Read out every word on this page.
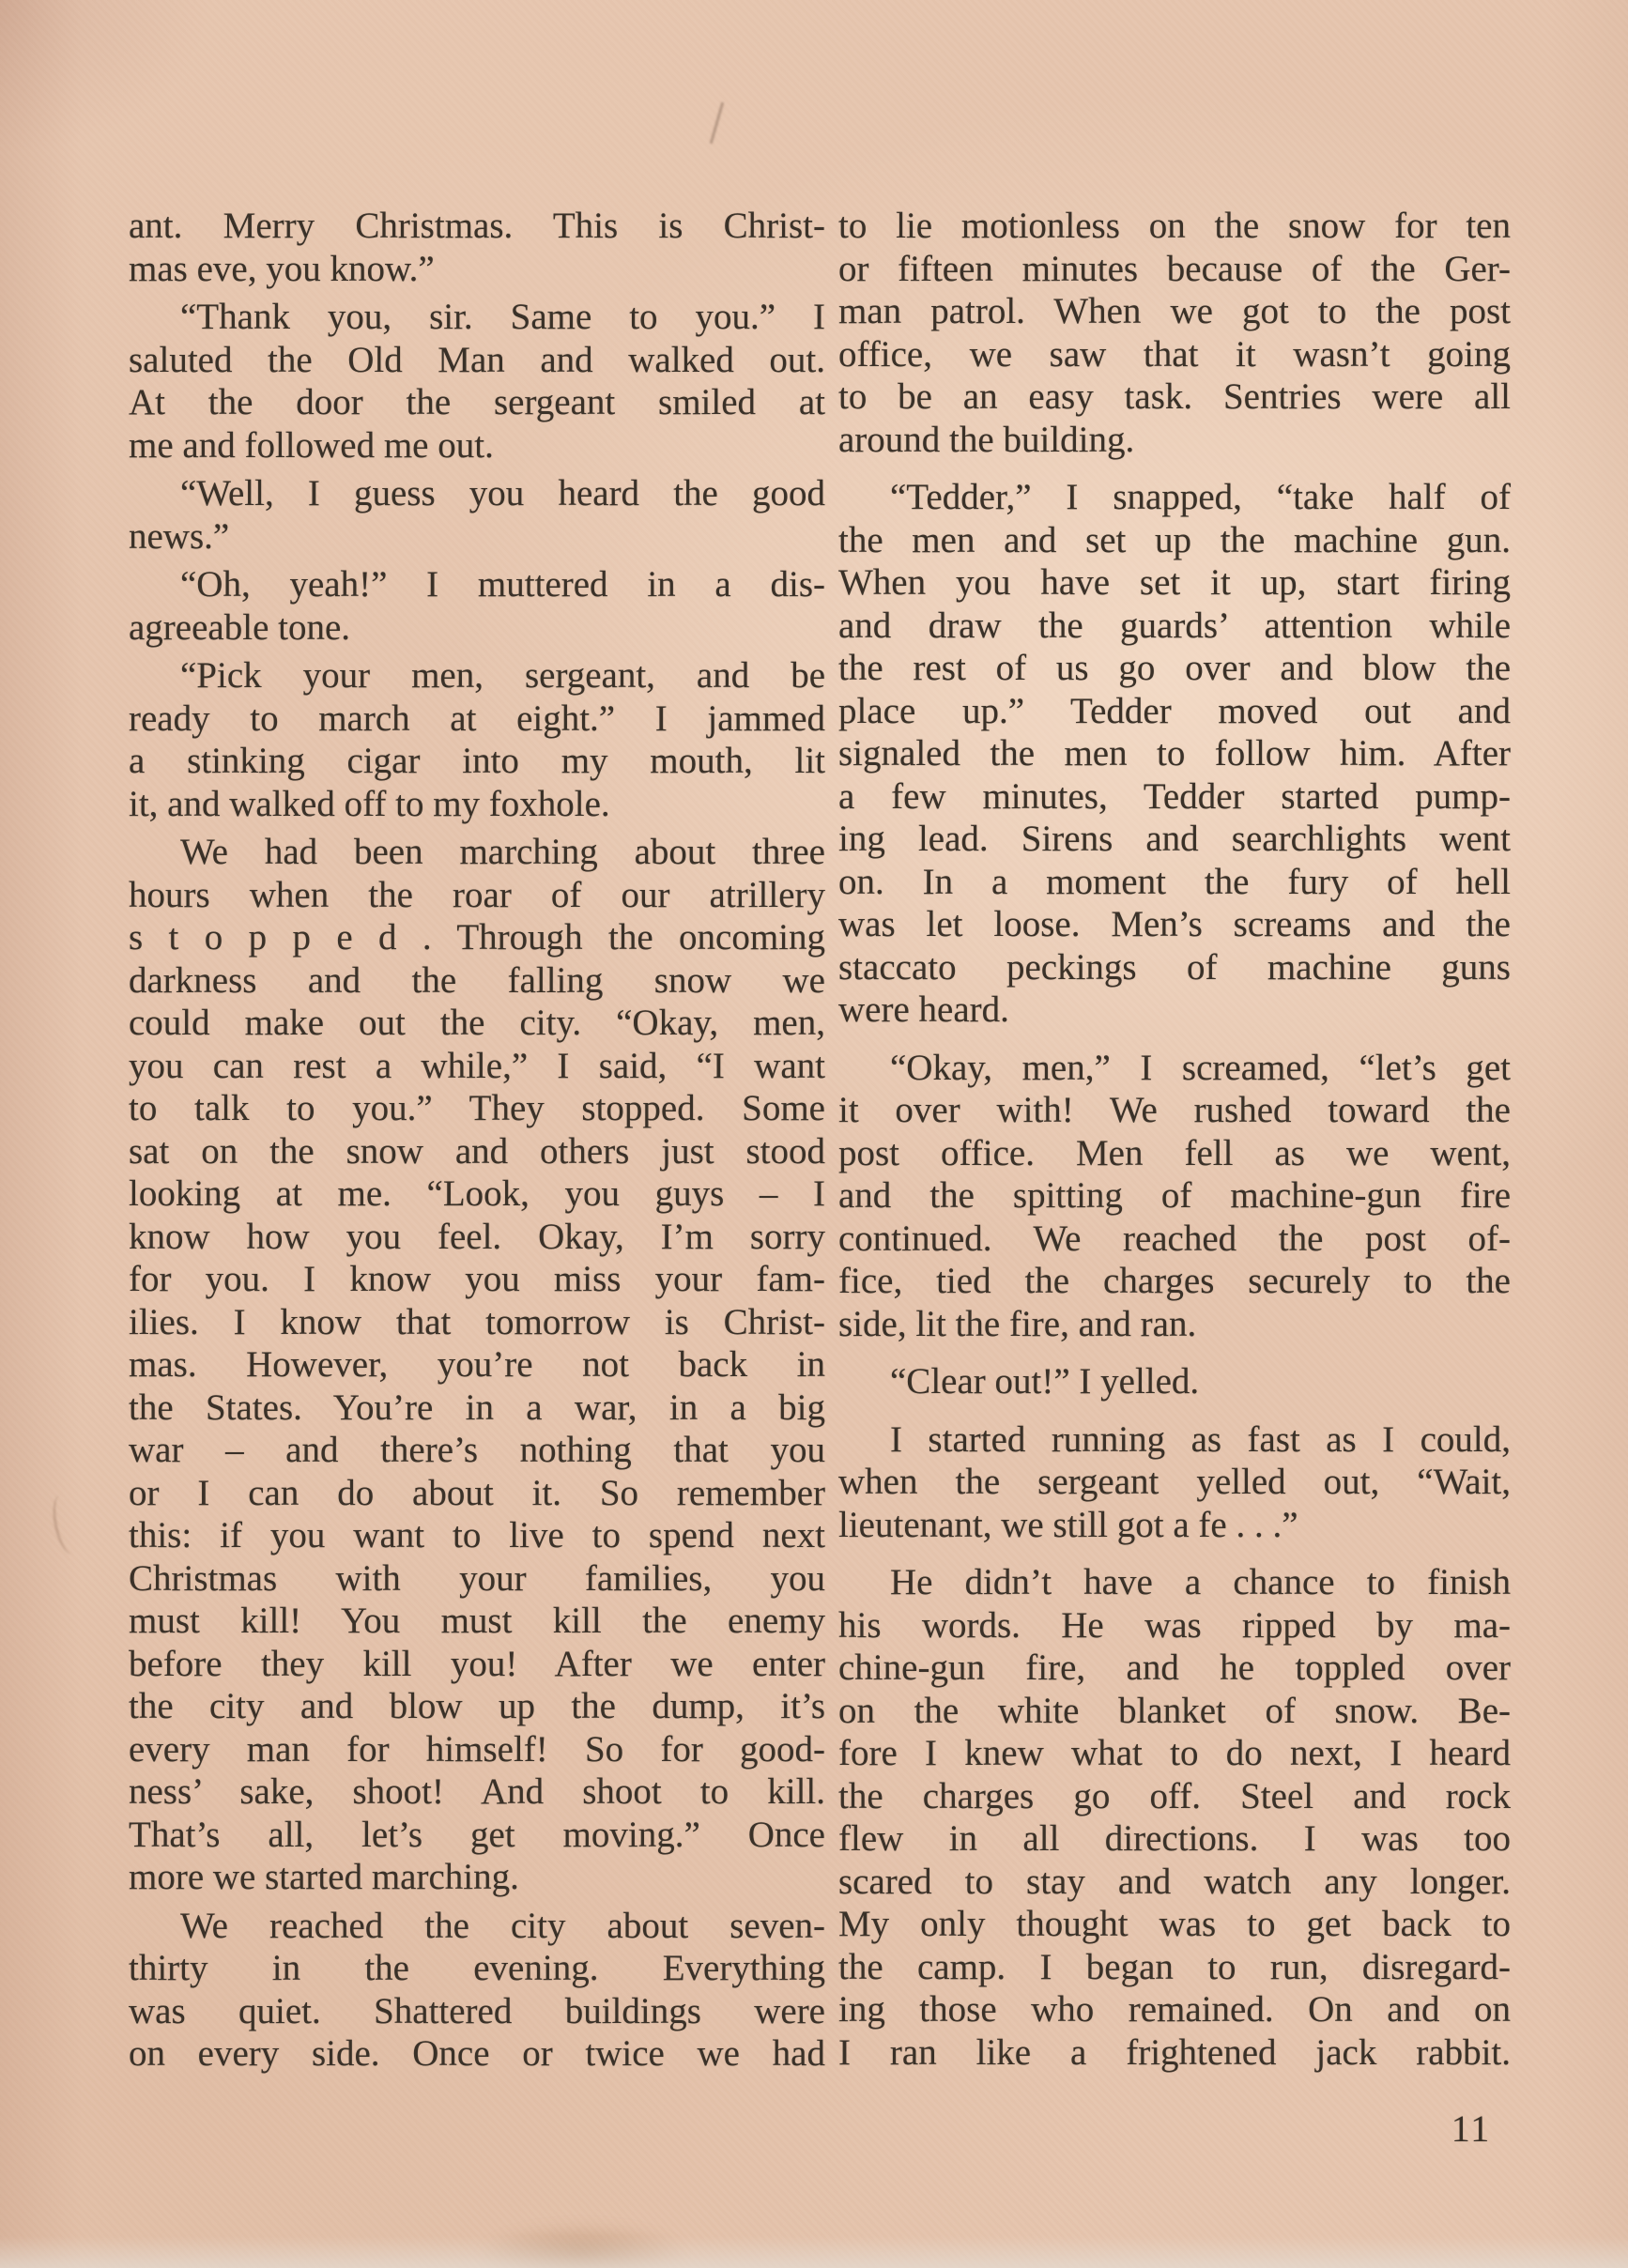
ant. Merry Christmas. This is Christ-
mas eve, you know.”
“Thank you, sir. Same to you.” I
saluted the Old Man and walked out.
At the door the sergeant smiled at
me and followed me out.
“Well, I guess you heard the good
news.”
“Oh, yeah!” I muttered in a dis-
agreeable tone.
“Pick your men, sergeant, and be
ready to march at eight.” I jammed
a stinking cigar into my mouth, lit
it, and walked off to my foxhole.
We had been marching about three
hours when the roar of our atrillery
s t o p p e d . Through the oncoming
darkness and the falling snow we
could make out the city. “Okay, men,
you can rest a while,” I said, “I want
to talk to you.” They stopped. Some
sat on the snow and others just stood
looking at me. “Look, you guys – I
know how you feel. Okay, I’m sorry
for you. I know you miss your fam-
ilies. I know that tomorrow is Christ-
mas. However, you’re not back in
the States. You’re in a war, in a big
war – and there’s nothing that you
or I can do about it. So remember
this: if you want to live to spend next
Christmas with your families, you
must kill! You must kill the enemy
before they kill you! After we enter
the city and blow up the dump, it’s
every man for himself! So for good-
ness’ sake, shoot! And shoot to kill.
That’s all, let’s get moving.” Once
more we started marching.
We reached the city about seven-
thirty in the evening. Everything
was quiet. Shattered buildings were
on every side. Once or twice we had
to lie motionless on the snow for ten
or fifteen minutes because of the Ger-
man patrol. When we got to the post
office, we saw that it wasn’t going
to be an easy task. Sentries were all
around the building.
“Tedder,” I snapped, “take half of
the men and set up the machine gun.
When you have set it up, start firing
and draw the guards’ attention while
the rest of us go over and blow the
place up.” Tedder moved out and
signaled the men to follow him. After
a few minutes, Tedder started pump-
ing lead. Sirens and searchlights went
on. In a moment the fury of hell
was let loose. Men’s screams and the
staccato peckings of machine guns
were heard.
“Okay, men,” I screamed, “let’s get
it over with! We rushed toward the
post office. Men fell as we went,
and the spitting of machine-gun fire
continued. We reached the post of-
fice, tied the charges securely to the
side, lit the fire, and ran.
“Clear out!” I yelled.
I started running as fast as I could,
when the sergeant yelled out, “Wait,
lieutenant, we still got a fe . . .”
He didn’t have a chance to finish
his words. He was ripped by ma-
chine-gun fire, and he toppled over
on the white blanket of snow. Be-
fore I knew what to do next, I heard
the charges go off. Steel and rock
flew in all directions. I was too
scared to stay and watch any longer.
My only thought was to get back to
the camp. I began to run, disregard-
ing those who remained. On and on
I ran like a frightened jack rabbit.
11
